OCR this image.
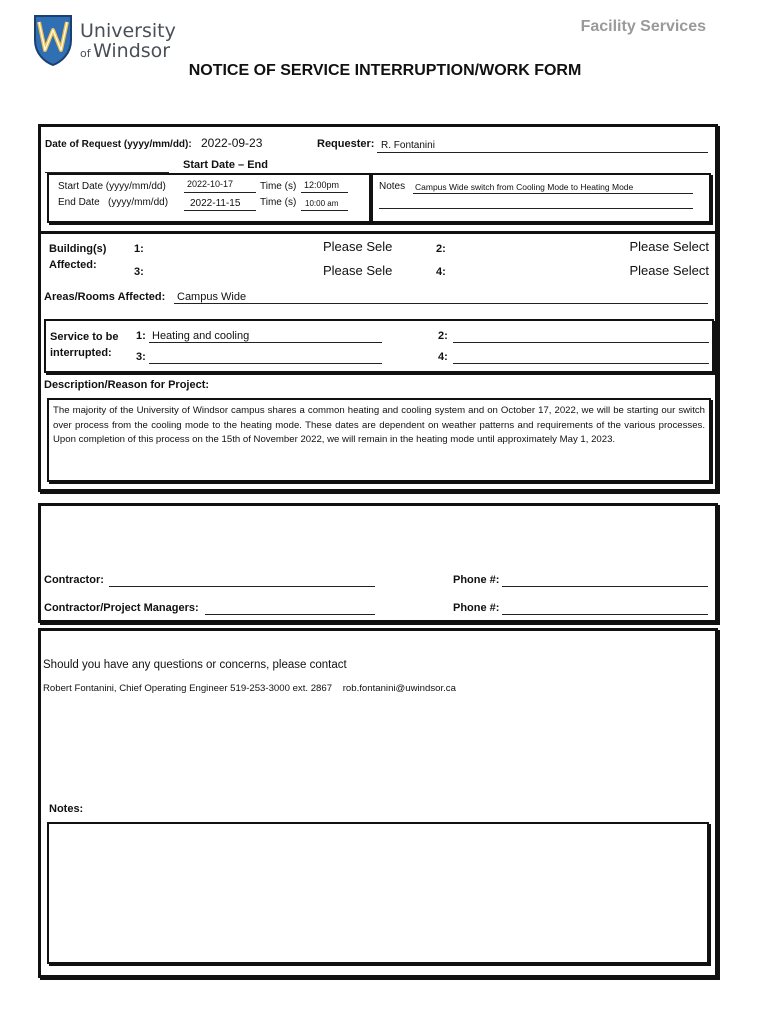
University
of Windsor
Facility Services
NOTICE OF SERVICE INTERRUPTION/WORK FORM
Date of Request (yyyy/mm/dd): 2022-09-23	Requester: R. Fontanini
Start Date – End
Start Date (yyyy/mm/dd) 2022-10-17	Time (s) 12:00pm
End Date   (yyyy/mm/dd) 2022-11-15 Time (s) 10:00 am
Notes Campus Wide switch from Cooling Mode to Heating Mode
Building(s)
Affected:
1:	Please Sele	2:	Please Select
3:	Please Sele	4:	Please Select
Areas/Rooms Affected: Campus Wide
Service to be
interrupted:
1: Heating and cooling	2:
3:	4:
Description/Reason for Project:
The majority of the University of Windsor campus shares a common heating and cooling system and on October 17, 2022, we will be starting our switch over process from the cooling mode to the heating mode. These dates are dependent on weather patterns and requirements of the various processes. Upon completion of this process on the 15th of November 2022, we will remain in the heating mode until approximately May 1, 2023.
Contractor:	Phone #:
Contractor/Project Managers:	Phone #:
Should you have any questions or concerns, please contact
Robert Fontanini, Chief Operating Engineer 519-253-3000 ext. 2867    rob.fontanini@uwindsor.ca
Notes:
